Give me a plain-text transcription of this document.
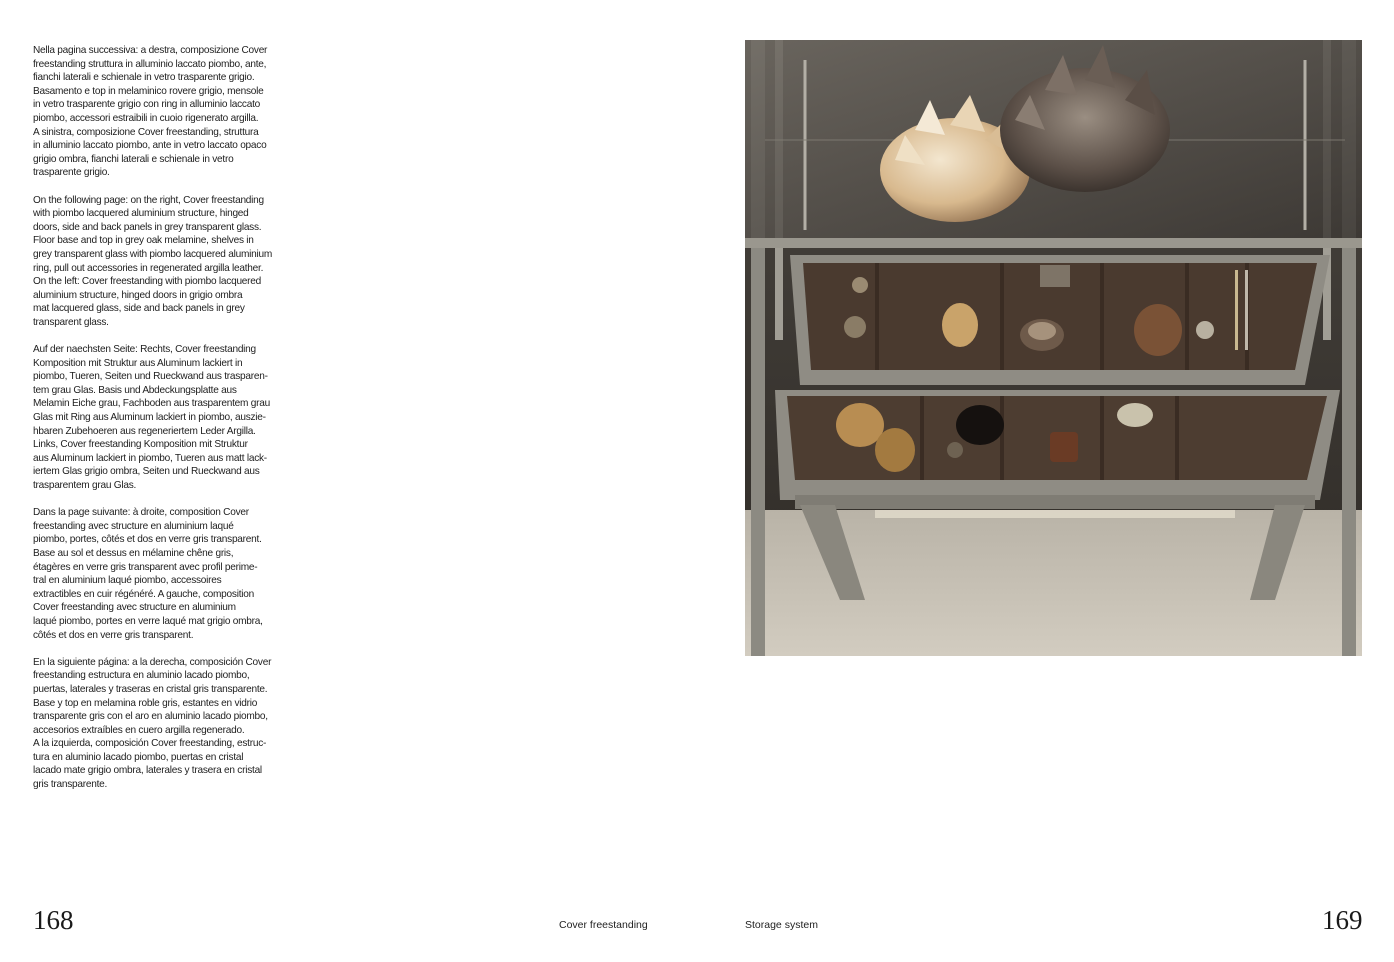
Nella pagina successiva: a destra, composizione Cover
freestanding struttura in alluminio laccato piombo, ante,
fianchi laterali e schienale in vetro trasparente grigio.
Basamento e top in melaminico rovere grigio, mensole
in vetro trasparente grigio con ring in alluminio laccato
piombo, accessori estraibili in cuoio rigenerato argilla.
A sinistra, composizione Cover freestanding, struttura
in alluminio laccato piombo, ante in vetro laccato opaco
grigio ombra, fianchi laterali e schienale in vetro
trasparente grigio.

On the following page: on the right, Cover freestanding
with piombo lacquered aluminium structure, hinged
doors, side and back panels in grey transparent glass.
Floor base and top in grey oak melamine, shelves in
grey transparent glass with piombo lacquered aluminium
ring, pull out accessories in regenerated argilla leather.
On the left: Cover freestanding with piombo lacquered
aluminium structure, hinged doors in grigio ombra
mat lacquered glass, side and back panels in grey
transparent glass.

Auf der naechsten Seite: Rechts, Cover freestanding
Komposition mit Struktur aus Aluminum lackiert in
piombo, Tueren, Seiten und Rueckwand aus trasparen-
tem grau Glas. Basis und Abdeckungsplatte aus
Melamin Eiche grau, Fachboden aus trasparentem grau
Glas mit Ring aus Aluminum lackiert in piombo, auszie-
hbaren Zubehoeren aus regeneriertem Leder Argilla.
Links, Cover freestanding Komposition mit Struktur
aus Aluminum lackiert in piombo, Tueren aus matt lack-
iertem Glas grigio ombra, Seiten und Rueckwand aus
trasparentem grau Glas.

Dans la page suivante: à droite, composition Cover
freestanding avec structure en aluminium laqué
piombo, portes, côtés et dos en verre gris transparent.
Base au sol et dessus en mélamine chêne gris,
étagères en verre gris transparent avec profil perime-
tral en aluminium laqué piombo, accessoires
extractibles en cuir régénéré. A gauche, composition
Cover freestanding avec structure en aluminium
laqué piombo, portes en verre laqué mat grigio ombra,
côtés et dos en verre gris transparent.

En la siguiente página: a la derecha, composición Cover
freestanding estructura en aluminio lacado piombo,
puertas, laterales y traseras en cristal gris transparente.
Base y top en melamina roble gris, estantes en vidrio
transparente gris con el aro en aluminio lacado piombo,
accesorios extraíbles en cuero argilla regenerado.
A la izquierda, composición Cover freestanding, estruc-
tura en aluminio lacado piombo, puertas en cristal
lacado mate grigio ombra, laterales y trasera en cristal
gris transparente.

168	Cover freestanding	Storage system	169
